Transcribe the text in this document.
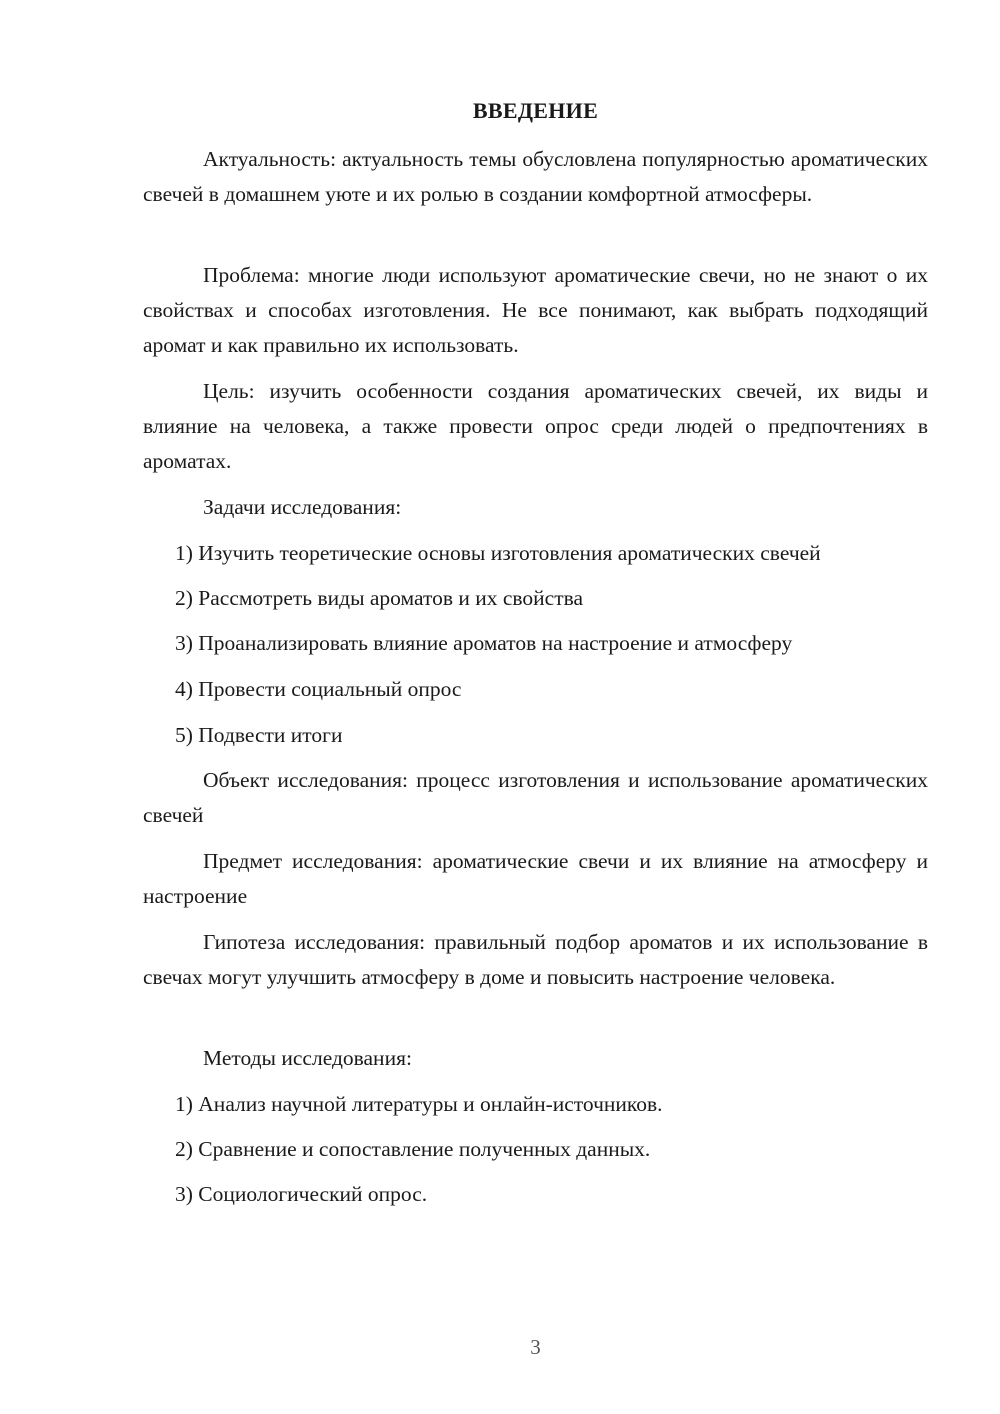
ВВЕДЕНИЕ

Актуальность: актуальность темы обусловлена популярностью ароматических свечей в домашнем уюте и их ролью в создании комфортной атмосферы.

Проблема: многие люди используют ароматические свечи, но не знают о их свойствах и способах изготовления. Не все понимают, как выбрать подходящий аромат и как правильно их использовать.

Цель: изучить особенности создания ароматических свечей, их виды и влияние на человека, а также провести опрос среди людей о предпочтениях в ароматах.

Задачи исследования:

1) Изучить теоретические основы изготовления ароматических свечей

2) Рассмотреть виды ароматов и их свойства

3) Проанализировать влияние ароматов на настроение и атмосферу

4) Провести социальный опрос

5) Подвести итоги

Объект исследования: процесс изготовления и использование ароматических свечей

Предмет исследования: ароматические свечи и их влияние на атмосферу и настроение

Гипотеза исследования: правильный подбор ароматов и их использование в свечах могут улучшить атмосферу в доме и повысить настроение человека.

Методы исследования:

1) Анализ научной литературы и онлайн-источников.

2) Сравнение и сопоставление полученных данных.

3) Социологический опрос.

3
